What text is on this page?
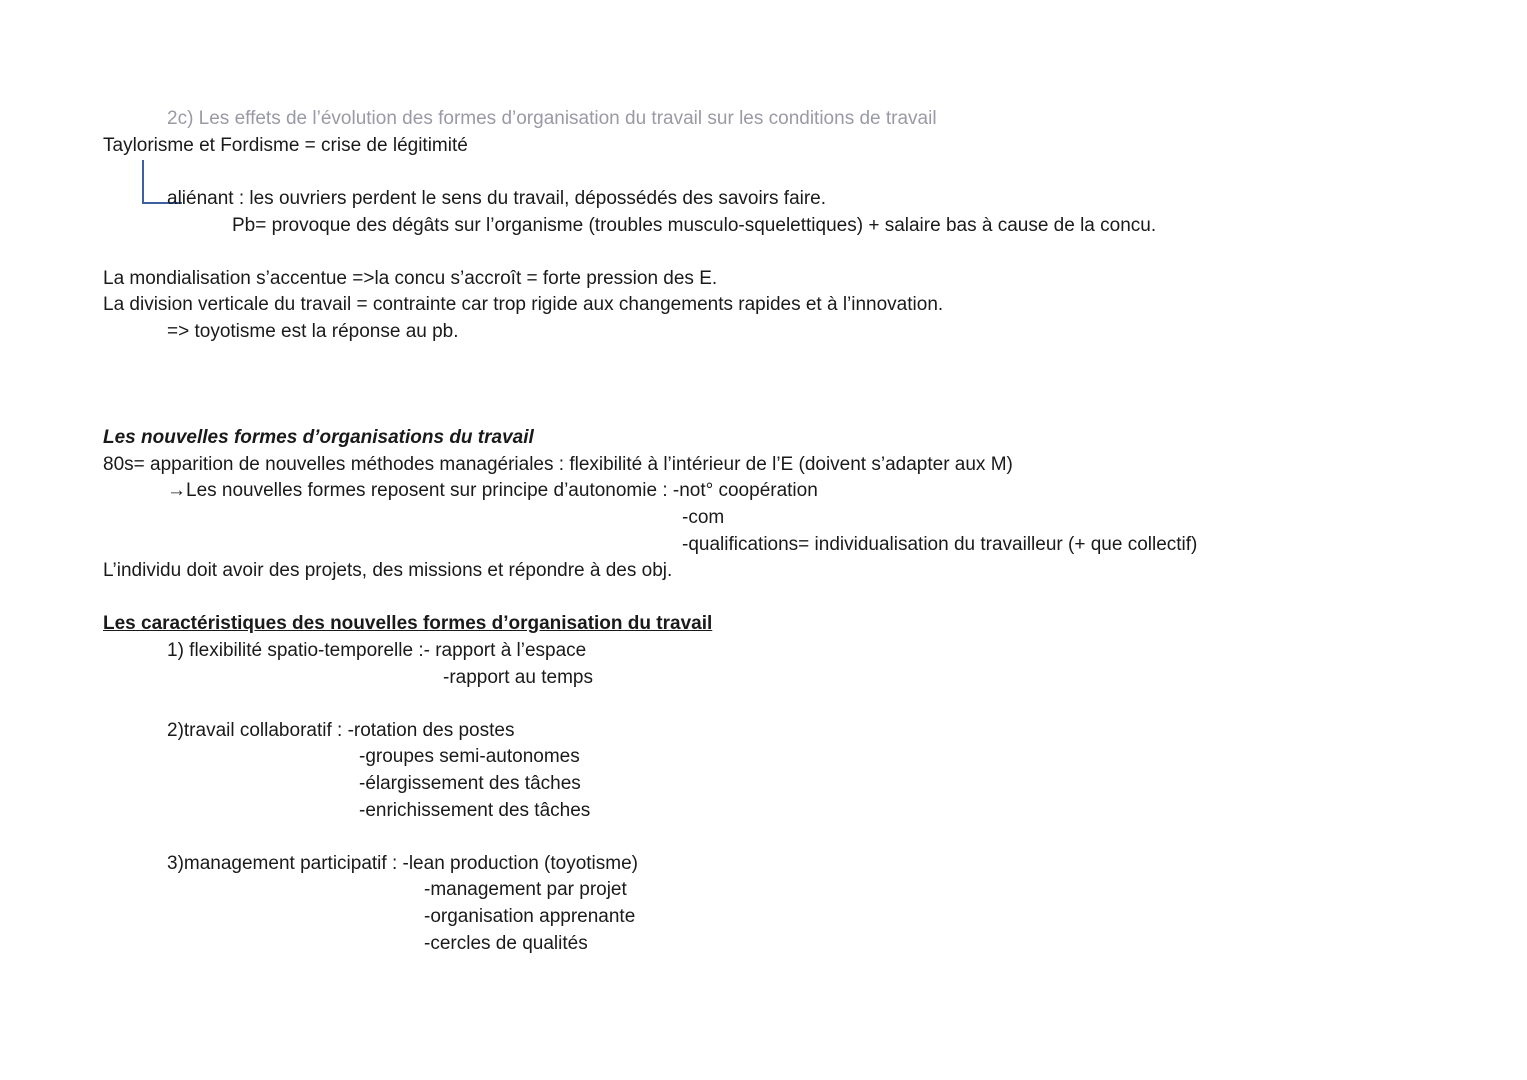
2c) Les effets de l’évolution des formes d’organisation du travail sur les conditions de travail
Taylorisme et Fordisme = crise de légitimité
aliénant : les ouvriers perdent le sens du travail, dépossédés des savoirs faire.
Pb= provoque des dégâts sur l’organisme (troubles musculo-squelettiques) + salaire bas à cause de la concu.
La mondialisation s’accentue =>la concu s’accroît = forte pression des E.
La division verticale du travail = contrainte car trop rigide aux changements rapides et à l’innovation.
=> toyotisme est la réponse au pb.
Les nouvelles formes d’organisations du travail
80s= apparition de nouvelles méthodes managériales : flexibilité à l’intérieur de l’E (doivent s’adapter aux M)
→Les nouvelles formes reposent sur principe d’autonomie : -not° coopération
-com
-qualifications= individualisation du travailleur (+ que collectif)
L’individu doit avoir des projets, des missions et répondre à des obj.
Les caractéristiques des nouvelles formes d’organisation du travail
1) flexibilité spatio-temporelle :- rapport à l’espace
-rapport au temps
2)travail collaboratif : -rotation des postes
-groupes semi-autonomes
-élargissement des tâches
-enrichissement des tâches
3)management participatif : -lean production (toyotisme)
-management par projet
-organisation apprenante
-cercles de qualités
